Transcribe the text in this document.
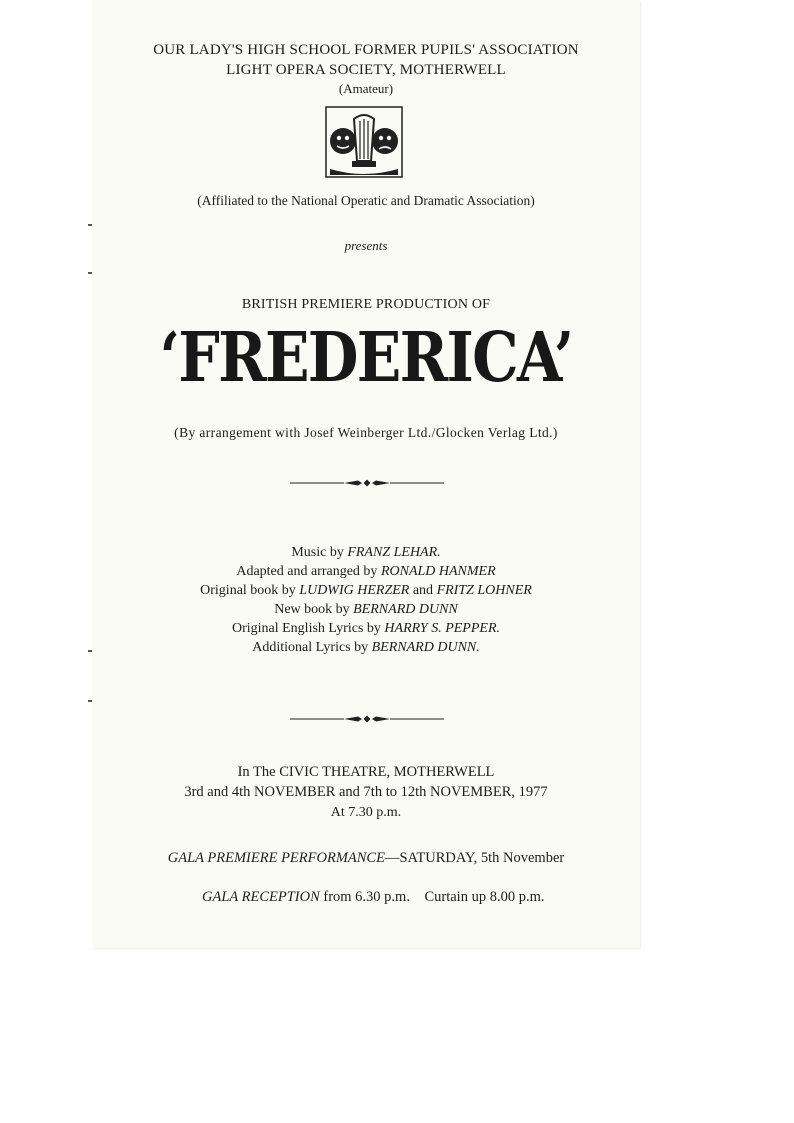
OUR LADY'S HIGH SCHOOL FORMER PUPILS' ASSOCIATION
LIGHT OPERA SOCIETY, MOTHERWELL
(Amateur)
(Affiliated to the National Operatic and Dramatic Association)
presents
BRITISH PREMIERE PRODUCTION OF
‘FREDERICA’
(By arrangement with Josef Weinberger Ltd./Glocken Verlag Ltd.)
Music by FRANZ LEHAR.
Adapted and arranged by RONALD HANMER
Original book by LUDWIG HERZER and FRITZ LOHNER
New book by BERNARD DUNN
Original English Lyrics by HARRY S. PEPPER.
Additional Lyrics by BERNARD DUNN.
In The CIVIC THEATRE, MOTHERWELL
3rd and 4th NOVEMBER and 7th to 12th NOVEMBER, 1977
At 7.30 p.m.
GALA PREMIERE PERFORMANCE—SATURDAY, 5th November

GALA RECEPTION from 6.30 p.m.    Curtain up 8.00 p.m.
